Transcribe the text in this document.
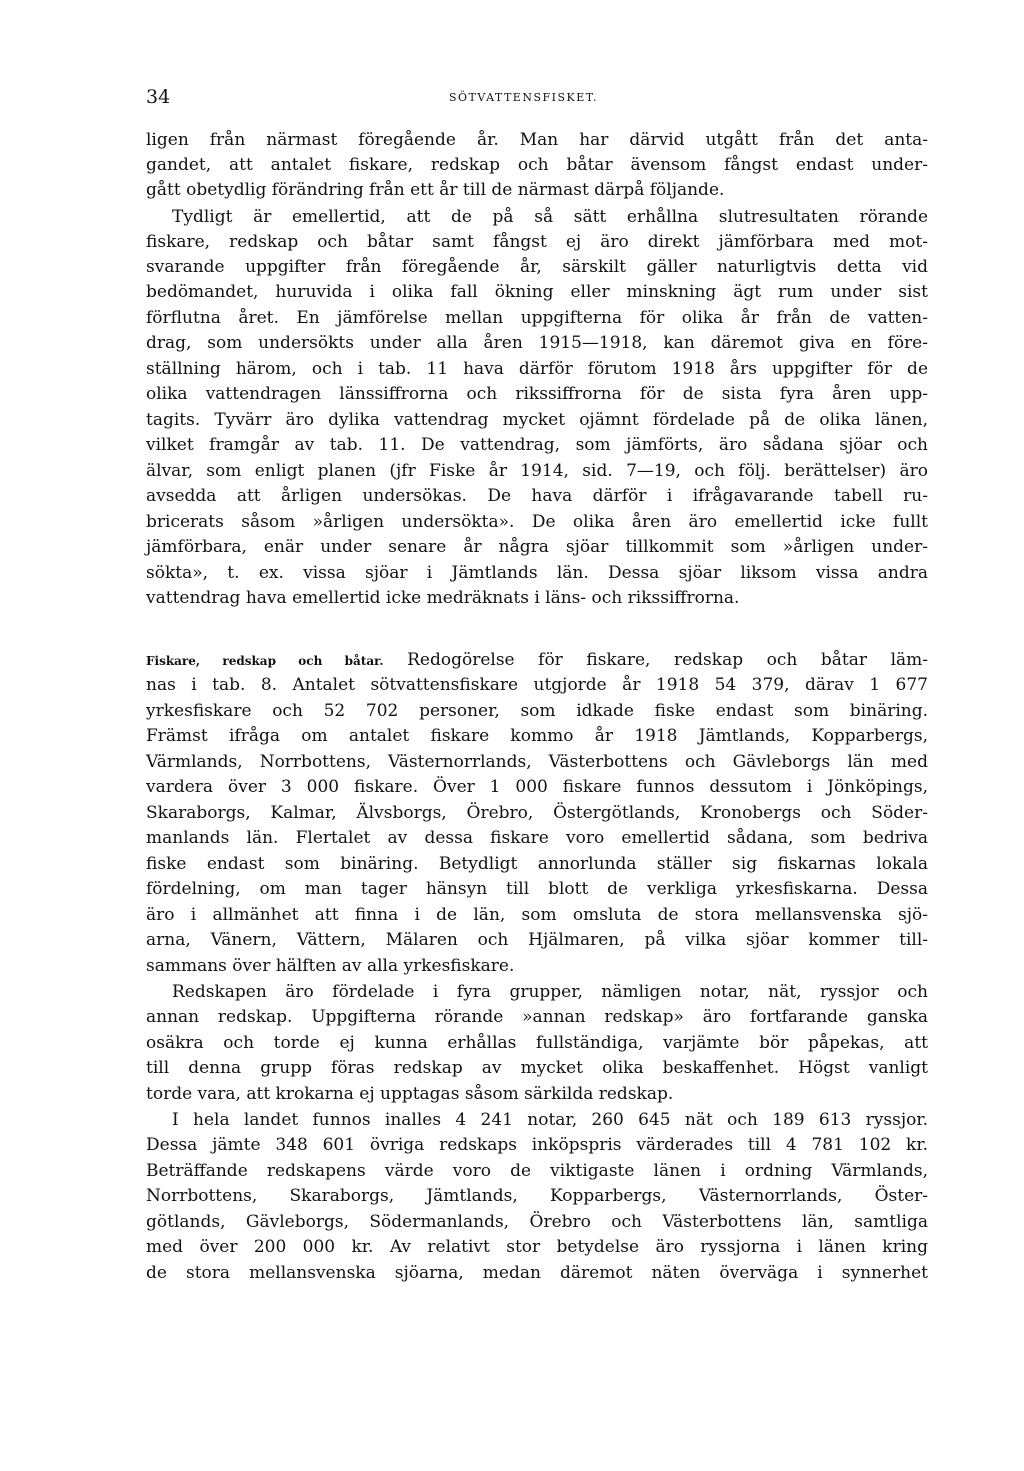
34	SÖTVATTENSFISKET.
ligen från närmast föregående år. Man har därvid utgått från det anta-
gandet, att antalet fiskare, redskap och båtar ävensom fångst endast under-
gått obetydlig förändring från ett år till de närmast därpå följande.
Tydligt är emellertid, att de på så sätt erhållna slutresultaten rörande
fiskare, redskap och båtar samt fångst ej äro direkt jämförbara med mot-
svarande uppgifter från föregående år, särskilt gäller naturligtvis detta vid
bedömandet, huruvida i olika fall ökning eller minskning ägt rum under sist
förflutna året. En jämförelse mellan uppgifterna för olika år från de vatten-
drag, som undersökts under alla åren 1915—1918, kan däremot giva en före-
ställning härom, och i tab. 11 hava därför förutom 1918 års uppgifter för de
olika vattendragen länssiffrorna och rikssiffrorna för de sista fyra åren upp-
tagits. Tyvärr äro dylika vattendrag mycket ojämnt fördelade på de olika länen,
vilket framgår av tab. 11. De vattendrag, som jämförts, äro sådana sjöar och
älvar, som enligt planen (jfr Fiske år 1914, sid. 7—19, och följ. berättelser) äro
avsedda att årligen undersökas. De hava därför i ifrågavarande tabell ru-
bricerats såsom »årligen undersökta». De olika åren äro emellertid icke fullt
jämförbara, enär under senare år några sjöar tillkommit som »årligen under-
sökta», t. ex. vissa sjöar i Jämtlands län. Dessa sjöar liksom vissa andra
vattendrag hava emellertid icke medräknats i läns- och rikssiffrorna.
Fiskare, redskap och båtar. Redogörelse för fiskare, redskap och båtar läm-
nas i tab. 8. Antalet sötvattensfiskare utgjorde år 1918 54 379, därav 1 677
yrkesfiskare och 52 702 personer, som idkade fiske endast som binäring.
Främst ifråga om antalet fiskare kommo år 1918 Jämtlands, Kopparbergs,
Värmlands, Norrbottens, Västernorrlands, Västerbottens och Gävleborgs län med
vardera över 3 000 fiskare. Över 1 000 fiskare funnos dessutom i Jönköpings,
Skaraborgs, Kalmar, Älvsborgs, Örebro, Östergötlands, Kronobergs och Söder-
manlands län. Flertalet av dessa fiskare voro emellertid sådana, som bedriva
fiske endast som binäring. Betydligt annorlunda ställer sig fiskarnas lokala
fördelning, om man tager hänsyn till blott de verkliga yrkesfiskarna. Dessa
äro i allmänhet att finna i de län, som omsluta de stora mellansvenska sjö-
arna, Vänern, Vättern, Mälaren och Hjälmaren, på vilka sjöar kommer till-
sammans över hälften av alla yrkesfiskare.
Redskapen äro fördelade i fyra grupper, nämligen notar, nät, ryssjor och
annan redskap. Uppgifterna rörande »annan redskap» äro fortfarande ganska
osäkra och torde ej kunna erhållas fullständiga, varjämte bör påpekas, att
till denna grupp föras redskap av mycket olika beskaffenhet. Högst vanligt
torde vara, att krokarna ej upptagas såsom särkilda redskap.
I hela landet funnos inalles 4 241 notar, 260 645 nät och 189 613 ryssjor.
Dessa jämte 348 601 övriga redskaps inköpspris värderades till 4 781 102 kr.
Beträffande redskapens värde voro de viktigaste länen i ordning Värmlands,
Norrbottens, Skaraborgs, Jämtlands, Kopparbergs, Västernorrlands, Öster-
götlands, Gävleborgs, Södermanlands, Örebro och Västerbottens län, samtliga
med över 200 000 kr. Av relativt stor betydelse äro ryssjorna i länen kring
de stora mellansvenska sjöarna, medan däremot näten överväga i synnerhet
